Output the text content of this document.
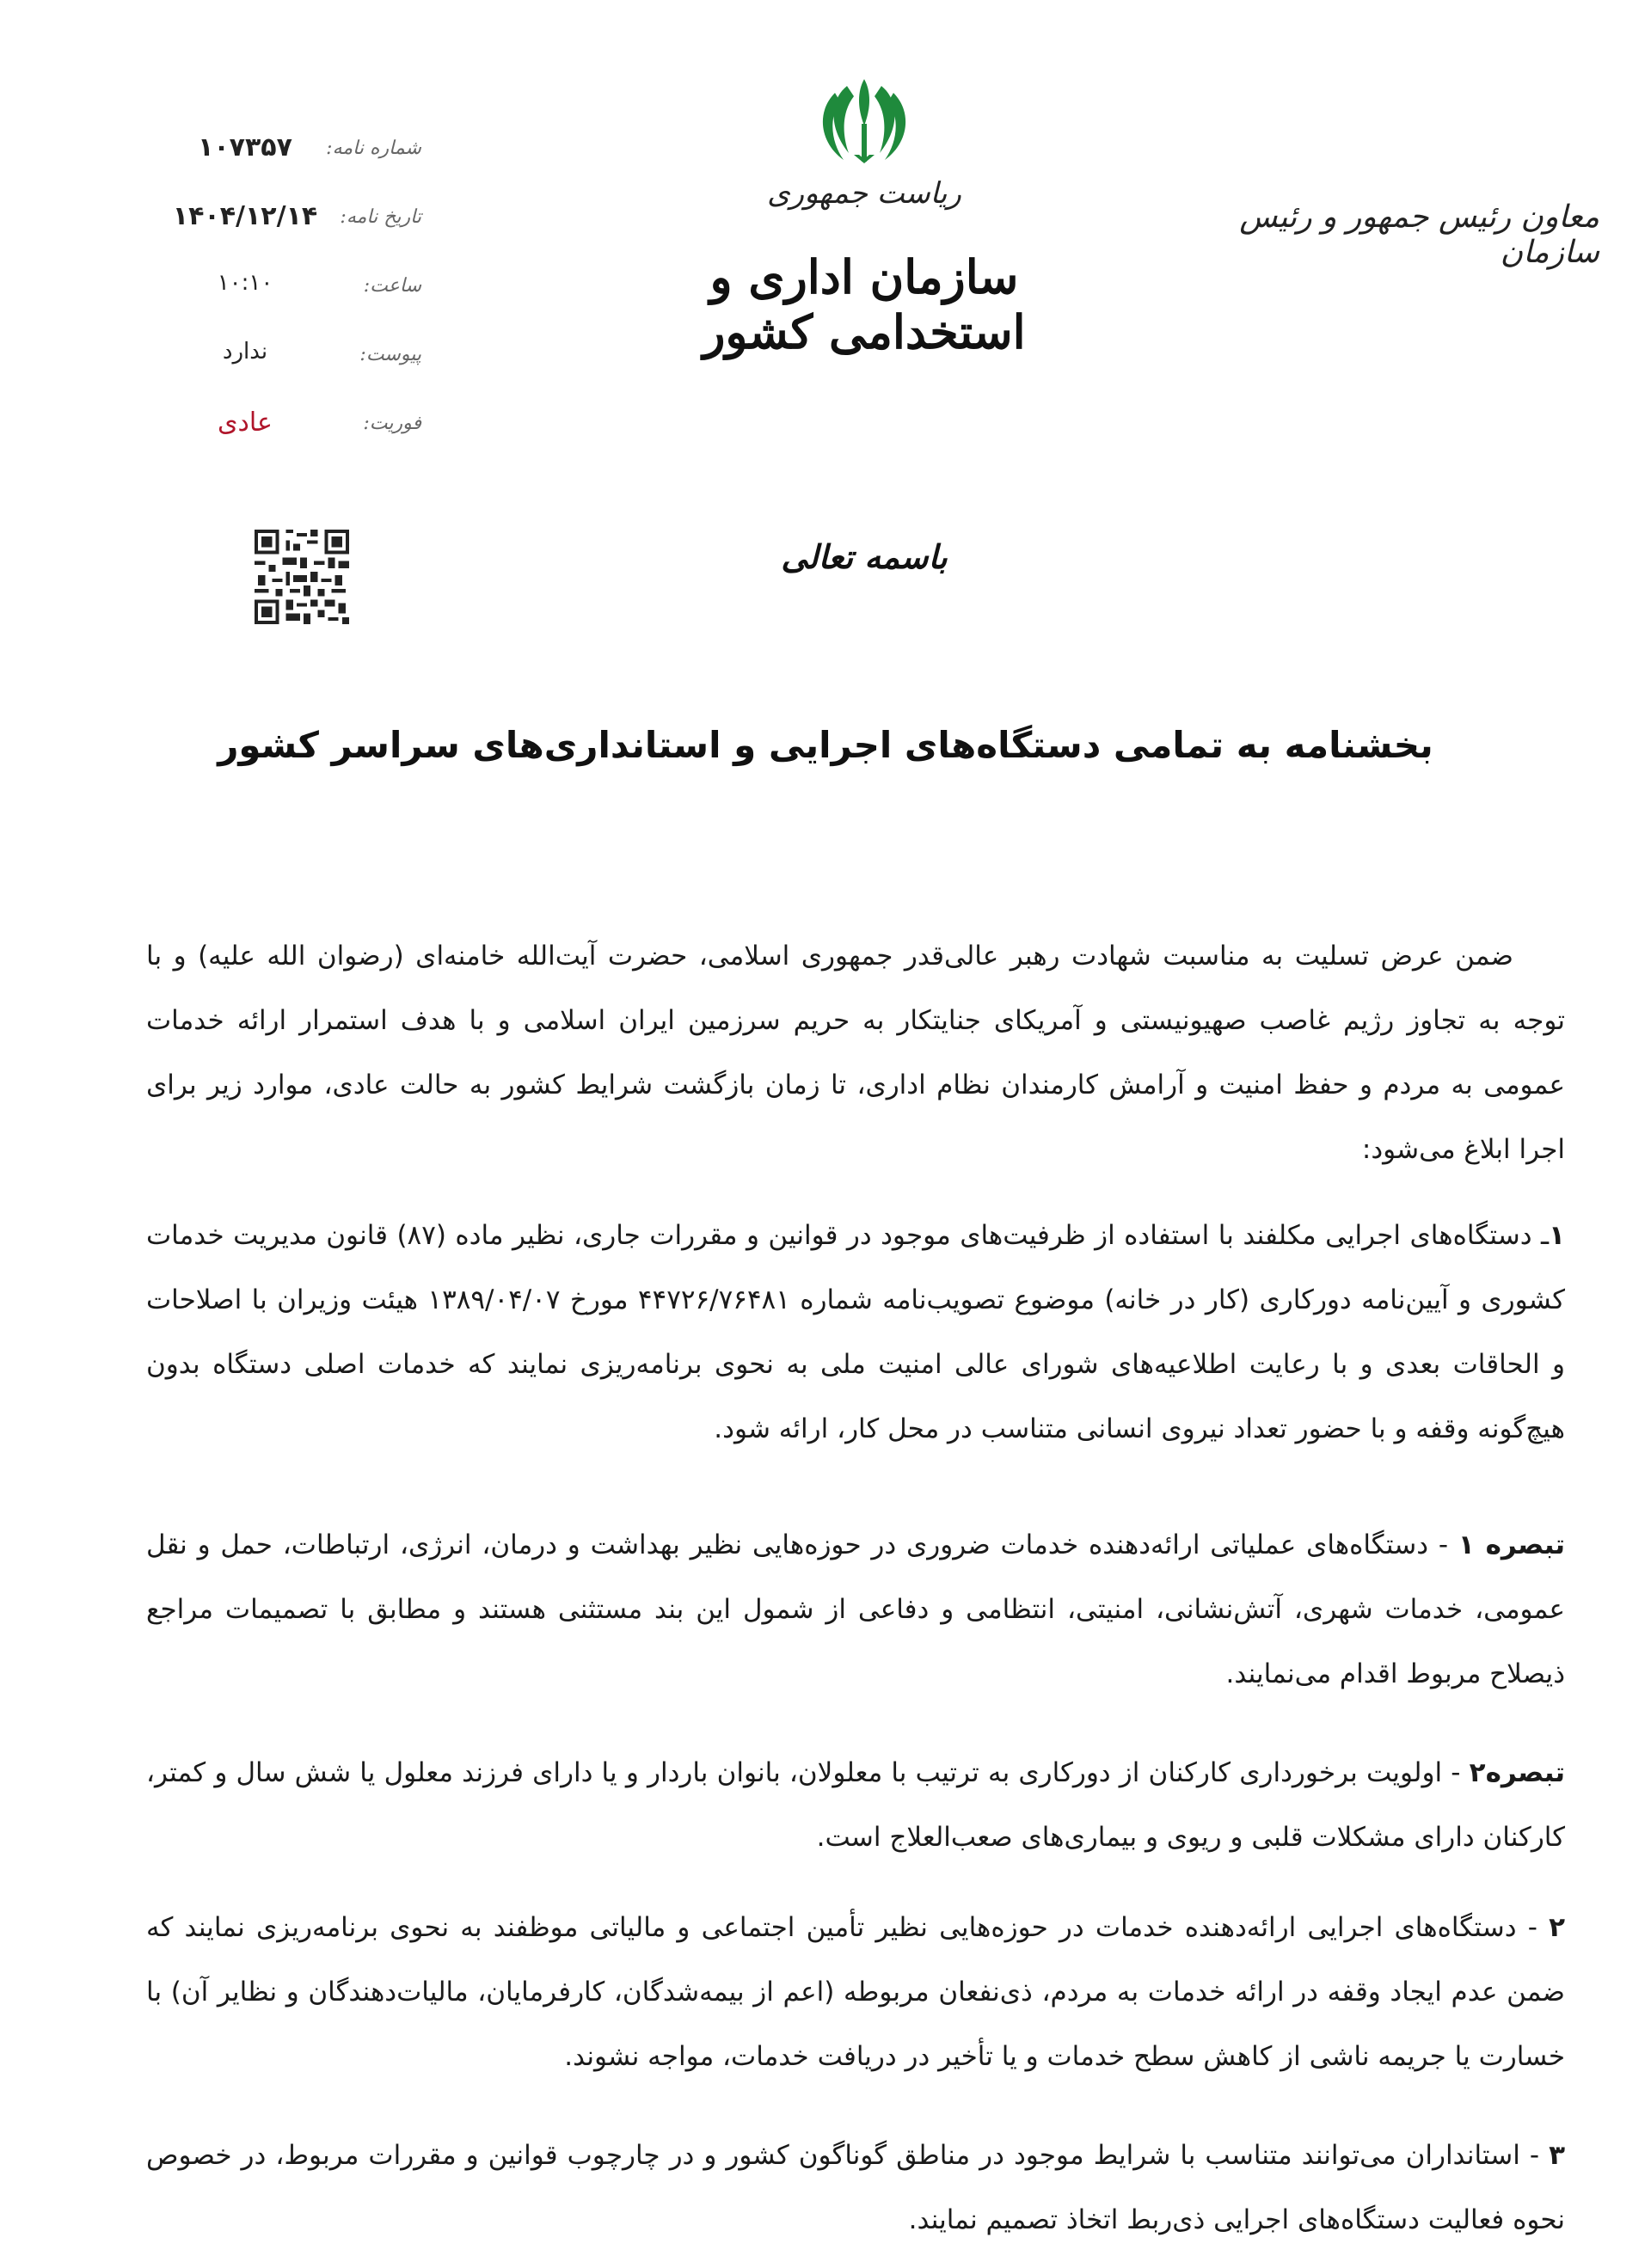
ریاست جمهوری
سازمان اداری و استخدامی کشور
معاون رئیس جمهور و رئیس سازمان
شماره نامه:
۱۰۷۳۵۷
تاریخ نامه:
۱۴۰۴/۱۲/۱۴
ساعت:
۱۰:۱۰
پیوست:
ندارد
فوریت:
عادی
باسمه تعالی
بخشنامه به تمامی دستگاه‌های اجرایی و استانداری‌های سراسر کشور

ضمن عرض تسلیت به مناسبت شهادت رهبر عالی‌قدر جمهوری اسلامی، حضرت آیت‌الله خامنه‌ای (رضوان الله علیه) و با توجه به تجاوز رژیم غاصب صهیونیستی و آمریکای جنایتکار به حریم سرزمین ایران اسلامی و با هدف استمرار ارائه خدمات عمومی به مردم و حفظ امنیت و آرامش کارمندان نظام اداری، تا زمان بازگشت شرایط کشور به حالت عادی، موارد زیر برای اجرا ابلاغ می‌شود:

۱ـ دستگاه‌های اجرایی مکلفند با استفاده از ظرفیت‌های موجود در قوانین و مقررات جاری، نظیر ماده (۸۷) قانون مدیریت خدمات کشوری و آیین‌نامه دورکاری (کار در خانه) موضوع تصویب‌نامه شماره ۴۴۷۲۶/۷۶۴۸۱ مورخ ۱۳۸۹/۰۴/۰۷ هیئت وزیران با اصلاحات و الحاقات بعدی و با رعایت اطلاعیه‌های شورای عالی امنیت ملی به نحوی برنامه‌ریزی نمایند که خدمات اصلی دستگاه بدون هیچ‌گونه وقفه و با حضور تعداد نیروی انسانی متناسب در محل کار، ارائه شود.

تبصره ۱ - دستگاه‌های عملیاتی ارائه‌دهنده خدمات ضروری در حوزه‌هایی نظیر بهداشت و درمان، انرژی، ارتباطات، حمل و نقل عمومی، خدمات شهری، آتش‌نشانی، امنیتی، انتظامی و دفاعی از شمول این بند مستثنی هستند و مطابق با تصمیمات مراجع ذیصلاح مربوط اقدام می‌نمایند.

تبصره۲ - اولویت برخورداری کارکنان از دورکاری به ترتیب با معلولان، بانوان باردار و یا دارای فرزند معلول یا شش سال و کمتر، کارکنان دارای مشکلات قلبی و ریوی و بیماری‌های صعب‌العلاج است.

۲ - دستگاه‌های اجرایی ارائه‌دهنده خدمات در حوزه‌هایی نظیر تأمین اجتماعی و مالیاتی موظفند به نحوی برنامه‌ریزی نمایند که ضمن عدم ایجاد وقفه در ارائه خدمات به مردم، ذی‌نفعان مربوطه (اعم از بیمه‌شدگان، کارفرمایان، مالیات‌دهندگان و نظایر آن) با خسارت یا جریمه ناشی از کاهش سطح خدمات و یا تأخیر در دریافت خدمات، مواجه نشوند.

۳ - استانداران می‌توانند متناسب با شرایط موجود در مناطق گوناگون کشور و در چارچوب قوانین و مقررات مربوط، در خصوص نحوه فعالیت دستگاه‌های اجرایی ذی‌ربط اتخاذ تصمیم نمایند.
